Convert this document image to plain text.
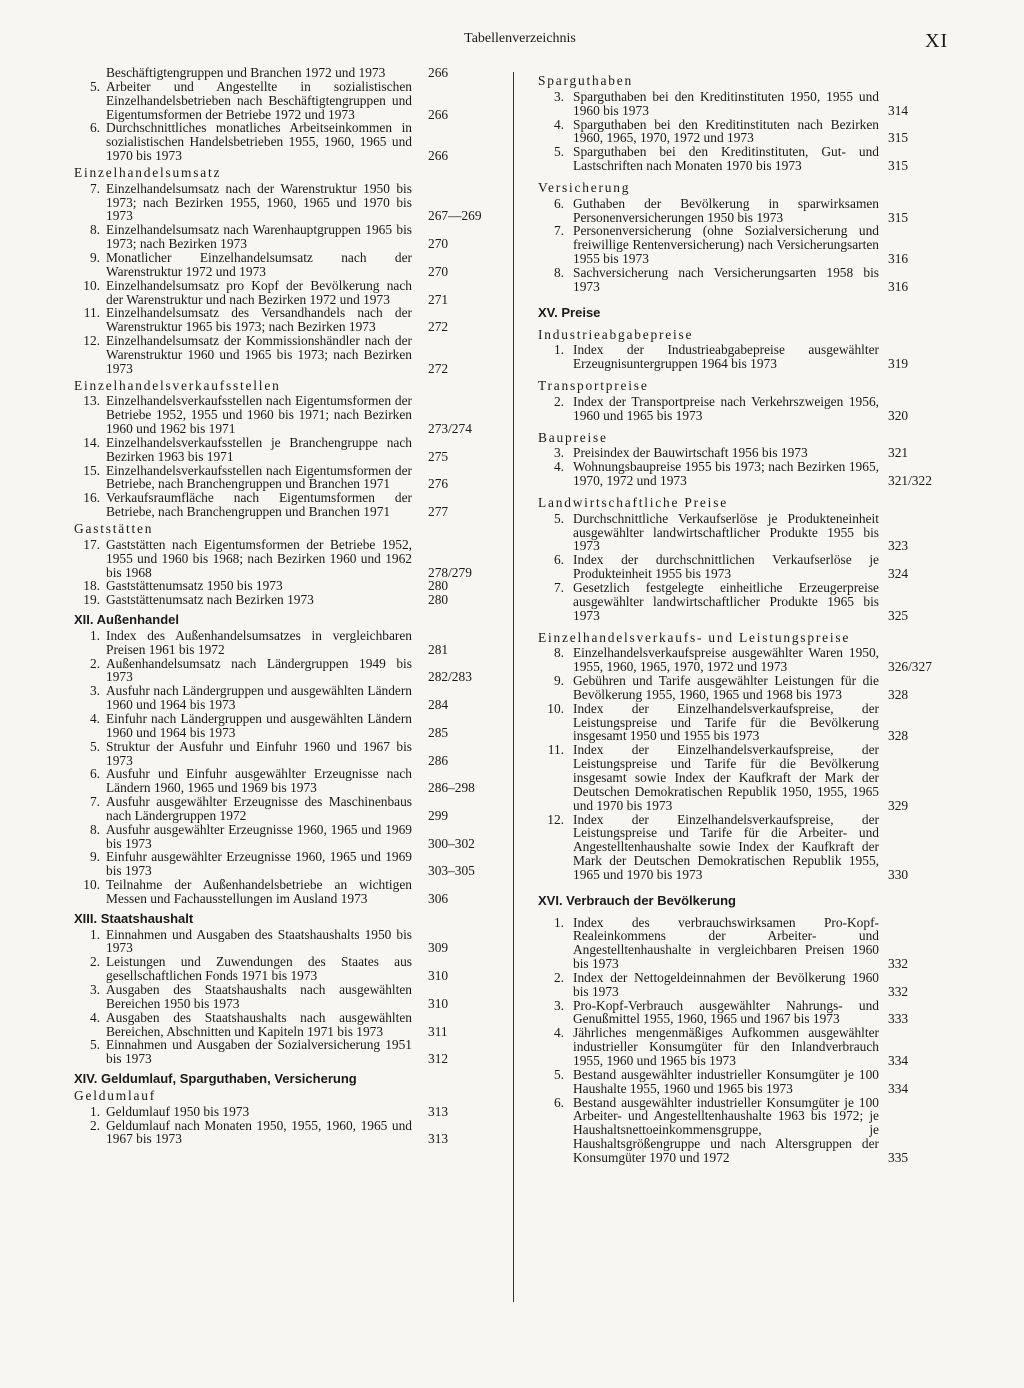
Tabellenverzeichnis	XI
Beschäftigtengruppen und Branchen 1972 und 1973	266
5. Arbeiter und Angestellte in sozialistischen Einzelhandelsbetrieben nach Beschäftigtengruppen und Eigentumsformen der Betriebe 1972 und 1973	266
6. Durchschnittliches monatliches Arbeitseinkommen in sozialistischen Handelsbetrieben 1955, 1960, 1965 und 1970 bis 1973	266
Einzelhandelsumsatz
7. Einzelhandelsumsatz nach der Warenstruktur 1950 bis 1973; nach Bezirken 1955, 1960, 1965 und 1970 bis 1973	267—269
8. Einzelhandelsumsatz nach Warenhauptgruppen 1965 bis 1973; nach Bezirken 1973	270
9. Monatlicher Einzelhandelsumsatz nach der Warenstruktur 1972 und 1973	270
10. Einzelhandelsumsatz pro Kopf der Bevölkerung nach der Warenstruktur und nach Bezirken 1972 und 1973	271
11. Einzelhandelsumsatz des Versandhandels nach der Warenstruktur 1965 bis 1973; nach Bezirken 1973	272
12. Einzelhandelsumsatz der Kommissionshändler nach der Warenstruktur 1960 und 1965 bis 1973; nach Bezirken 1973	272
Einzelhandelsverkaufsstellen
13. Einzelhandelsverkaufsstellen nach Eigentumsformen der Betriebe 1952, 1955 und 1960 bis 1971; nach Bezirken 1960 und 1962 bis 1971	273/274
14. Einzelhandelsverkaufsstellen je Branchengruppe nach Bezirken 1963 bis 1971	275
15. Einzelhandelsverkaufsstellen nach Eigentumsformen der Betriebe, nach Branchengruppen und Branchen 1971	276
16. Verkaufsraumfläche nach Eigentumsformen der Betriebe, nach Branchengruppen und Branchen 1971	277
Gaststätten
17. Gaststätten nach Eigentumsformen der Betriebe 1952, 1955 und 1960 bis 1968; nach Bezirken 1960 und 1962 bis 1968	278/279
18. Gaststättenumsatz 1950 bis 1973	280
19. Gaststättenumsatz nach Bezirken 1973	280
XII. Außenhandel
1. Index des Außenhandelsumsatzes in vergleichbaren Preisen 1961 bis 1972	281
2. Außenhandelsumsatz nach Ländergruppen 1949 bis 1973	282/283
3. Ausfuhr nach Ländergruppen und ausgewählten Ländern 1960 und 1964 bis 1973	284
4. Einfuhr nach Ländergruppen und ausgewählten Ländern 1960 und 1964 bis 1973	285
5. Struktur der Ausfuhr und Einfuhr 1960 und 1967 bis 1973	286
6. Ausfuhr und Einfuhr ausgewählter Erzeugnisse nach Ländern 1960, 1965 und 1969 bis 1973	286–298
7. Ausfuhr ausgewählter Erzeugnisse des Maschinenbaus nach Ländergruppen 1972	299
8. Ausfuhr ausgewählter Erzeugnisse 1960, 1965 und 1969 bis 1973	300–302
9. Einfuhr ausgewählter Erzeugnisse 1960, 1965 und 1969 bis 1973	303–305
10. Teilnahme der Außenhandelsbetriebe an wichtigen Messen und Fachausstellungen im Ausland 1973	306
XIII. Staatshaushalt
1. Einnahmen und Ausgaben des Staatshaushalts 1950 bis 1973	309
2. Leistungen und Zuwendungen des Staates aus gesellschaftlichen Fonds 1971 bis 1973	310
3. Ausgaben des Staatshaushalts nach ausgewählten Bereichen 1950 bis 1973	310
4. Ausgaben des Staatshaushalts nach ausgewählten Bereichen, Abschnitten und Kapiteln 1971 bis 1973	311
5. Einnahmen und Ausgaben der Sozialversicherung 1951 bis 1973	312
XIV. Geldumlauf, Sparguthaben, Versicherung
Geldumlauf
1. Geldumlauf 1950 bis 1973	313
2. Geldumlauf nach Monaten 1950, 1955, 1960, 1965 und 1967 bis 1973	313
Sparguthaben
3. Sparguthaben bei den Kreditinstituten 1950, 1955 und 1960 bis 1973	314
4. Sparguthaben bei den Kreditinstituten nach Bezirken 1960, 1965, 1970, 1972 und 1973	315
5. Sparguthaben bei den Kreditinstituten, Gut- und Lastschriften nach Monaten 1970 bis 1973	315
Versicherung
6. Guthaben der Bevölkerung in sparwirksamen Personenversicherungen 1950 bis 1973	315
7. Personenversicherung (ohne Sozialversicherung und freiwillige Rentenversicherung) nach Versicherungsarten 1955 bis 1973	316
8. Sachversicherung nach Versicherungsarten 1958 bis 1973	316
XV. Preise
Industrieabgabepreise
1. Index der Industrieabgabepreise ausgewählter Erzeugnisuntergruppen 1964 bis 1973	319
Transportpreise
2. Index der Transportpreise nach Verkehrszweigen 1956, 1960 und 1965 bis 1973	320
Baupreise
3. Preisindex der Bauwirtschaft 1956 bis 1973	321
4. Wohnungsbaupreise 1955 bis 1973; nach Bezirken 1965, 1970, 1972 und 1973	321/322
Landwirtschaftliche Preise
5. Durchschnittliche Verkaufserlöse je Produkteneinheit ausgewählter landwirtschaftlicher Produkte 1955 bis 1973	323
6. Index der durchschnittlichen Verkaufserlöse je Produkteinheit 1955 bis 1973	324
7. Gesetzlich festgelegte einheitliche Erzeugerpreise ausgewählter landwirtschaftlicher Produkte 1965 bis 1973	325
Einzelhandelsverkaufs- und Leistungspreise
8. Einzelhandelsverkaufspreise ausgewählter Waren 1950, 1955, 1960, 1965, 1970, 1972 und 1973	326/327
9. Gebühren und Tarife ausgewählter Leistungen für die Bevölkerung 1955, 1960, 1965 und 1968 bis 1973	328
10. Index der Einzelhandelsverkaufspreise, der Leistungspreise und Tarife für die Bevölkerung insgesamt 1950 und 1955 bis 1973	328
11. Index der Einzelhandelsverkaufspreise, der Leistungspreise und Tarife für die Bevölkerung insgesamt sowie Index der Kaufkraft der Mark der Deutschen Demokratischen Republik 1950, 1955, 1965 und 1970 bis 1973	329
12. Index der Einzelhandelsverkaufspreise, der Leistungspreise und Tarife für die Arbeiter- und Angestelltenhaushalte sowie Index der Kaufkraft der Mark der Deutschen Demokratischen Republik 1955, 1965 und 1970 bis 1973	330
XVI. Verbrauch der Bevölkerung
1. Index des verbrauchswirksamen Pro-Kopf-Realeinkommens der Arbeiter- und Angestelltenhaushalte in vergleichbaren Preisen 1960 bis 1973	332
2. Index der Nettogeldeinnahmen der Bevölkerung 1960 bis 1973	332
3. Pro-Kopf-Verbrauch ausgewählter Nahrungs- und Genußmittel 1955, 1960, 1965 und 1967 bis 1973	333
4. Jährliches mengenmäßiges Aufkommen ausgewählter industrieller Konsumgüter für den Inlandverbrauch 1955, 1960 und 1965 bis 1973	334
5. Bestand ausgewählter industrieller Konsumgüter je 100 Haushalte 1955, 1960 und 1965 bis 1973	334
6. Bestand ausgewählter industrieller Konsumgüter je 100 Arbeiter- und Angestelltenhaushalte 1963 bis 1972; je Haushaltsnettoeinkommensgruppe, je Haushaltsgrößengruppe und nach Altersgruppen der Konsumgüter 1970 und 1972	335
